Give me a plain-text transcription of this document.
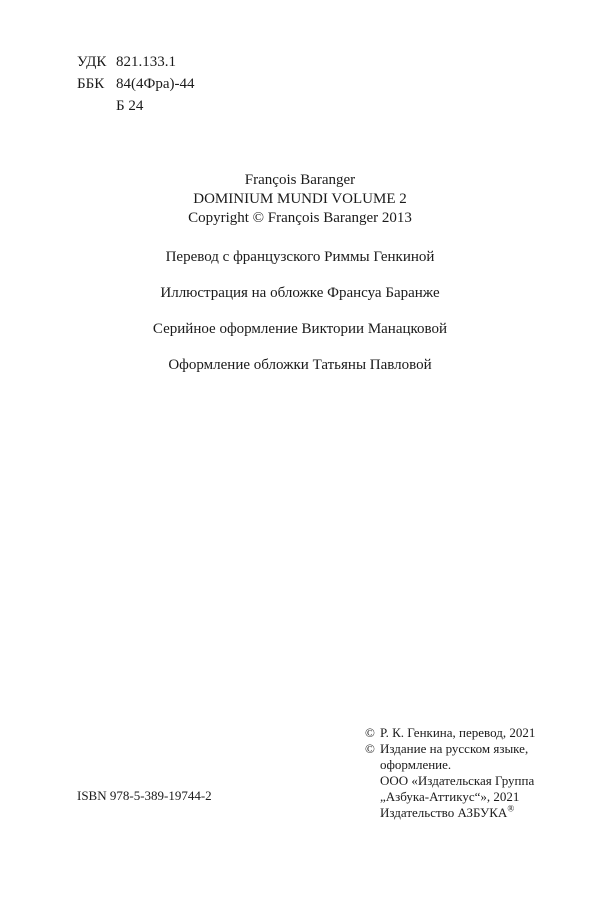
УДК 821.133.1
ББК 84(4Фра)-44
Б 24
François Baranger
DOMINIUM MUNDI VOLUME 2
Copyright © François Baranger 2013
Перевод с французского Риммы Генкиной
Иллюстрация на обложке Франсуа Баранже
Серийное оформление Виктории Манацковой
Оформление обложки Татьяны Павловой
ISBN 978-5-389-19744-2
© Р. К. Генкина, перевод, 2021
© Издание на русском языке,
оформление.
ООО «Издательская Группа
„Азбука-Аттикус“», 2021
Издательство АЗБУКА®
